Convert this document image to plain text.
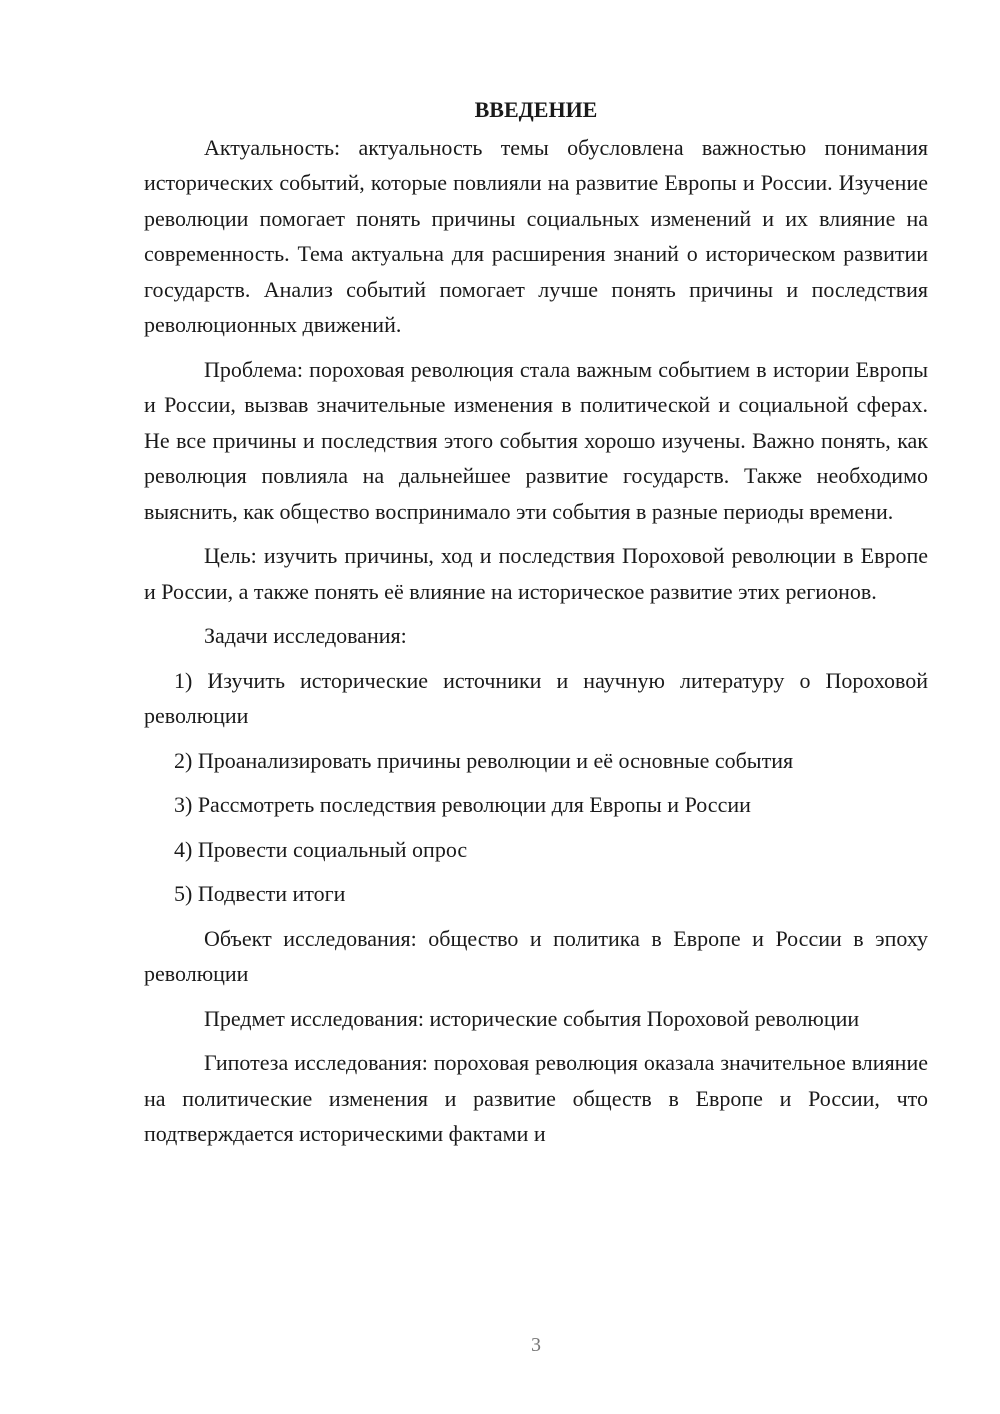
ВВЕДЕНИЕ

Актуальность: актуальность темы обусловлена важностью понимания исторических событий, которые повлияли на развитие Европы и России. Изучение революции помогает понять причины социальных изменений и их влияние на современность. Тема актуальна для расширения знаний о историческом развитии государств. Анализ событий помогает лучше понять причины и последствия революционных движений.

Проблема: пороховая революция стала важным событием в истории Европы и России, вызвав значительные изменения в политической и социальной сферах. Не все причины и последствия этого события хорошо изучены. Важно понять, как революция повлияла на дальнейшее развитие государств. Также необходимо выяснить, как общество воспринимало эти события в разные периоды времени.

Цель: изучить причины, ход и последствия Пороховой революции в Европе и России, а также понять её влияние на историческое развитие этих регионов.

Задачи исследования:

1) Изучить исторические источники и научную литературу о Пороховой революции

2) Проанализировать причины революции и её основные события

3) Рассмотреть последствия революции для Европы и России

4) Провести социальный опрос

5) Подвести итоги

Объект исследования: общество и политика в Европе и России в эпоху революции

Предмет исследования: исторические события Пороховой революции

Гипотеза исследования: пороховая революция оказала значительное влияние на политические изменения и развитие обществ в Европе и России, что подтверждается историческими фактами и

3
